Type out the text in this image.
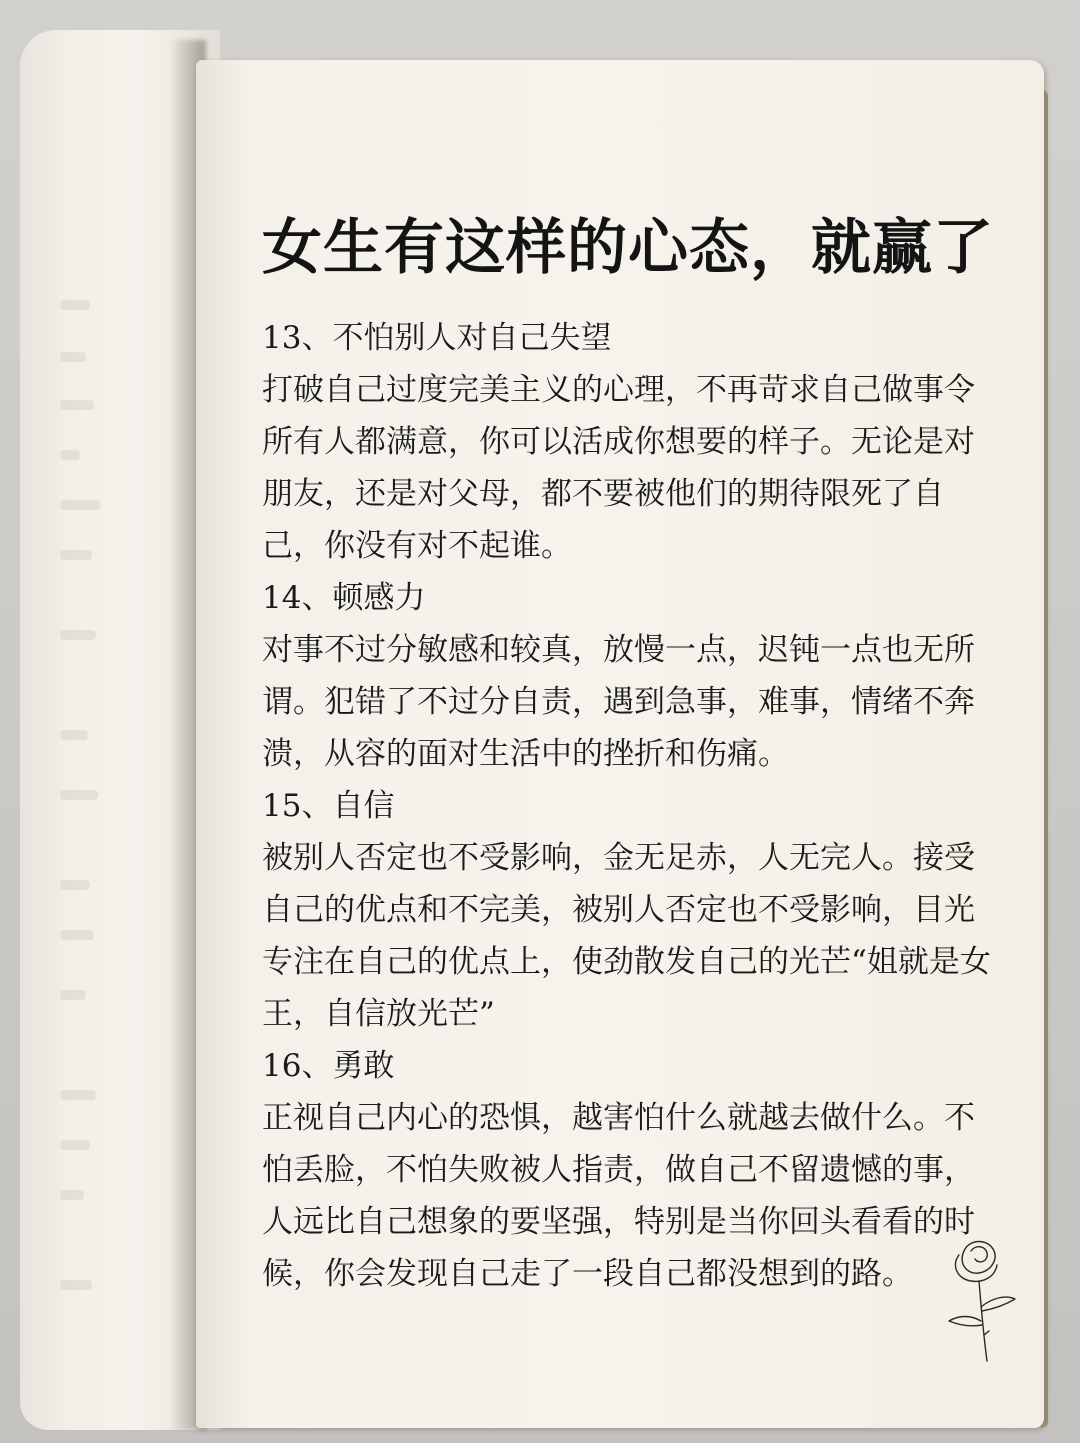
女生有这样的心态，就赢了

13、不怕别人对自己失望

打破自己过度完美主义的心理，不再苛求自己做事令所有人都满意，你可以活成你想要的样子。无论是对朋友，还是对父母，都不要被他们的期待限死了自己，你没有对不起谁。

14、顿感力

对事不过分敏感和较真，放慢一点，迟钝一点也无所谓。犯错了不过分自责，遇到急事，难事，情绪不奔溃，从容的面对生活中的挫折和伤痛。

15、自信

被别人否定也不受影响，金无足赤，人无完人。接受自己的优点和不完美，被别人否定也不受影响，目光专注在自己的优点上，使劲散发自己的光芒“姐就是女王，自信放光芒”

16、勇敢

正视自己内心的恐惧，越害怕什么就越去做什么。不怕丢脸，不怕失败被人指责，做自己不留遗憾的事，人远比自己想象的要坚强，特别是当你回头看看的时候，你会发现自己走了一段自己都没想到的路。
